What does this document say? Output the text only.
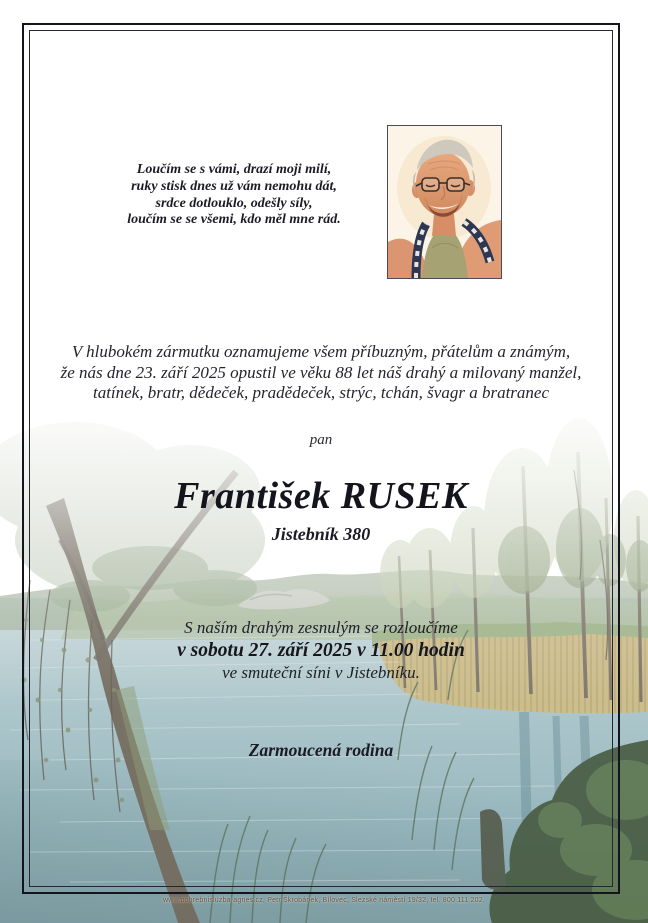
Loučím se s vámi, drazí moji milí,
ruky stisk dnes už vám nemohu dát,
srdce dotlouklo, odešly síly,
loučím se se všemi, kdo měl mne rád.
V hlubokém zármutku oznamujeme všem příbuzným, přátelům a známým,
že nás dne 23. září 2025 opustil ve věku 88 let náš drahý a milovaný manžel,
tatínek, bratr, dědeček, pradědeček, strýc, tchán, švagr a bratranec
pan
František RUSEK
Jistebník 380
S naším drahým zesnulým se rozloučíme
v sobotu 27. září 2025 v 11.00 hodin
ve smuteční síni v Jistebníku.
Zarmoucená rodina
www.pohrebnisluzba-agnes.cz, Petr Škrobánek, Bílovec, Slezské náměstí 19/32, tel. 800 111 202.
